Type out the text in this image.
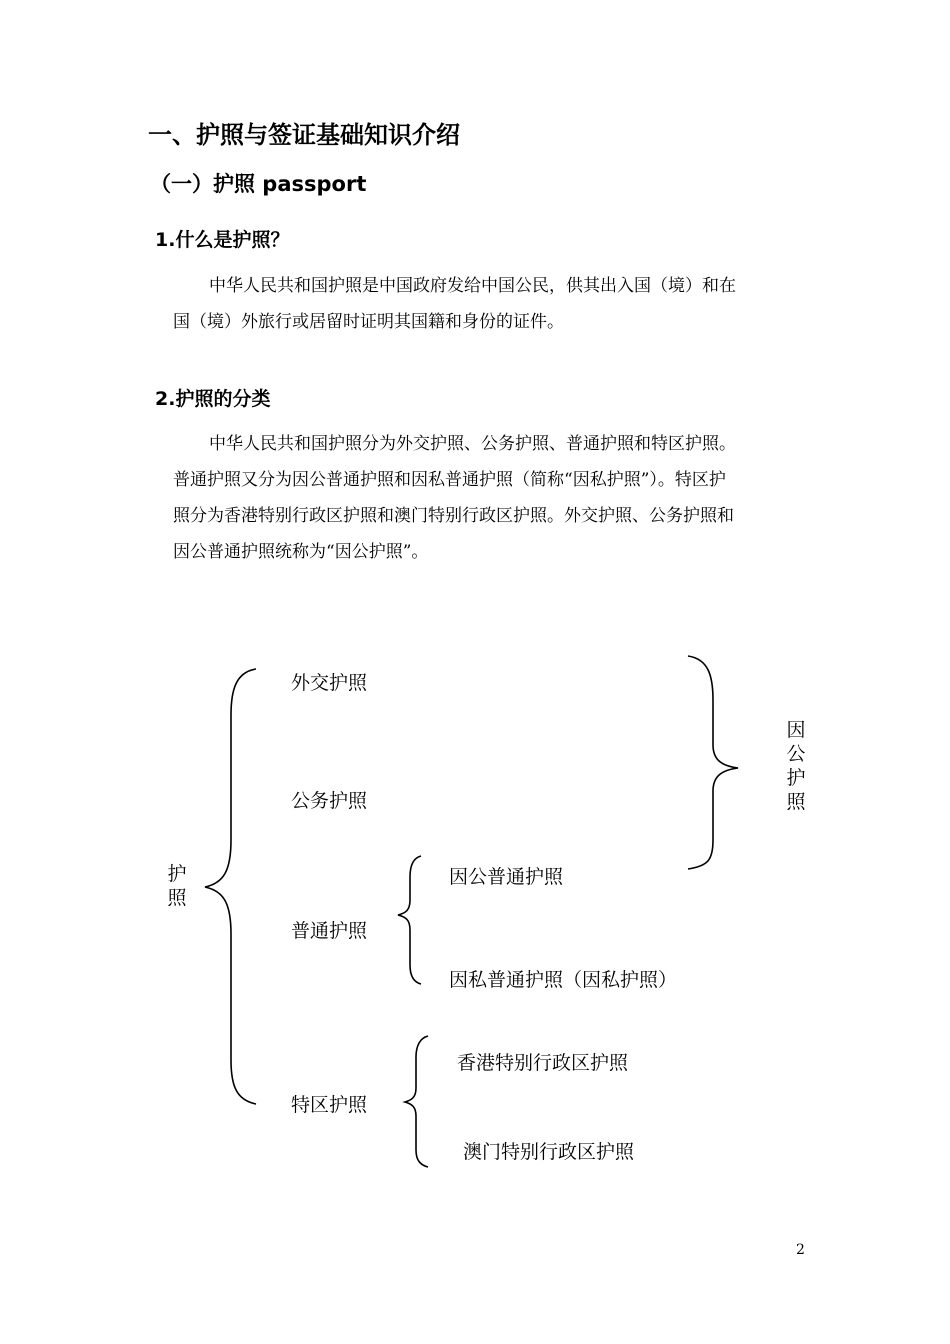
一、护照与签证基础知识介绍
（一）护照 passport
1.什么是护照？
中华人民共和国护照是中国政府发给中国公民，供其出入国（境）和在
国（境）外旅行或居留时证明其国籍和身份的证件。
2.护照的分类
中华人民共和国护照分为外交护照、公务护照、普通护照和特区护照。
普通护照又分为因公普通护照和因私普通护照（简称“因私护照”）。特区护
照分为香港特别行政区护照和澳门特别行政区护照。外交护照、公务护照和
因公普通护照统称为“因公护照”。
护照
因公护照
外交护照
公务护照
普通护照
因公普通护照
因私普通护照（因私护照）
特区护照
香港特别行政区护照
澳门特别行政区护照
2
